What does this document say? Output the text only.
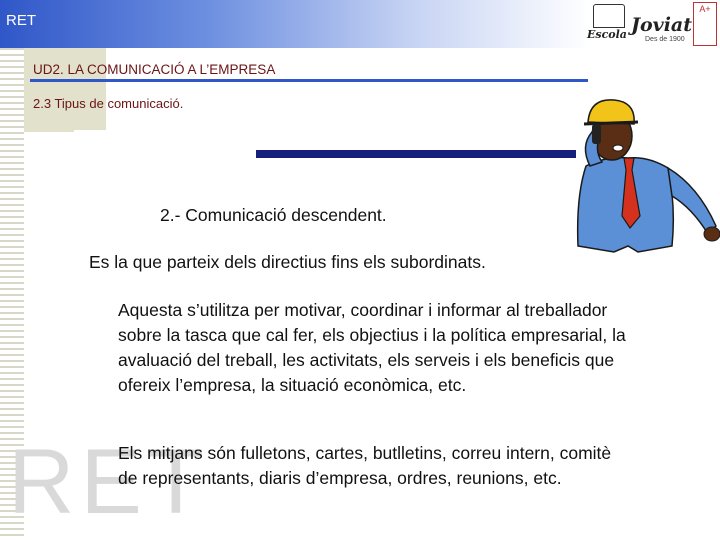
RET
Escola Joviat
Des de 1900
A+
UD2. LA COMUNICACIÓ A L’EMPRESA
2.3 Tipus de comunicació.
RET
2.- Comunicació descendent.
Es la que parteix dels directius fins els subordinats.
Aquesta s’utilitza per motivar, coordinar i informar al treballador sobre la tasca que cal fer, els objectius i la política empresarial, la avaluació del treball, les activitats, els serveis i els beneficis que ofereix l’empresa, la situació econòmica, etc.
Els mitjans són fulletons, cartes, butlletins, correu intern, comitè de representants, diaris d’empresa, ordres, reunions, etc.
